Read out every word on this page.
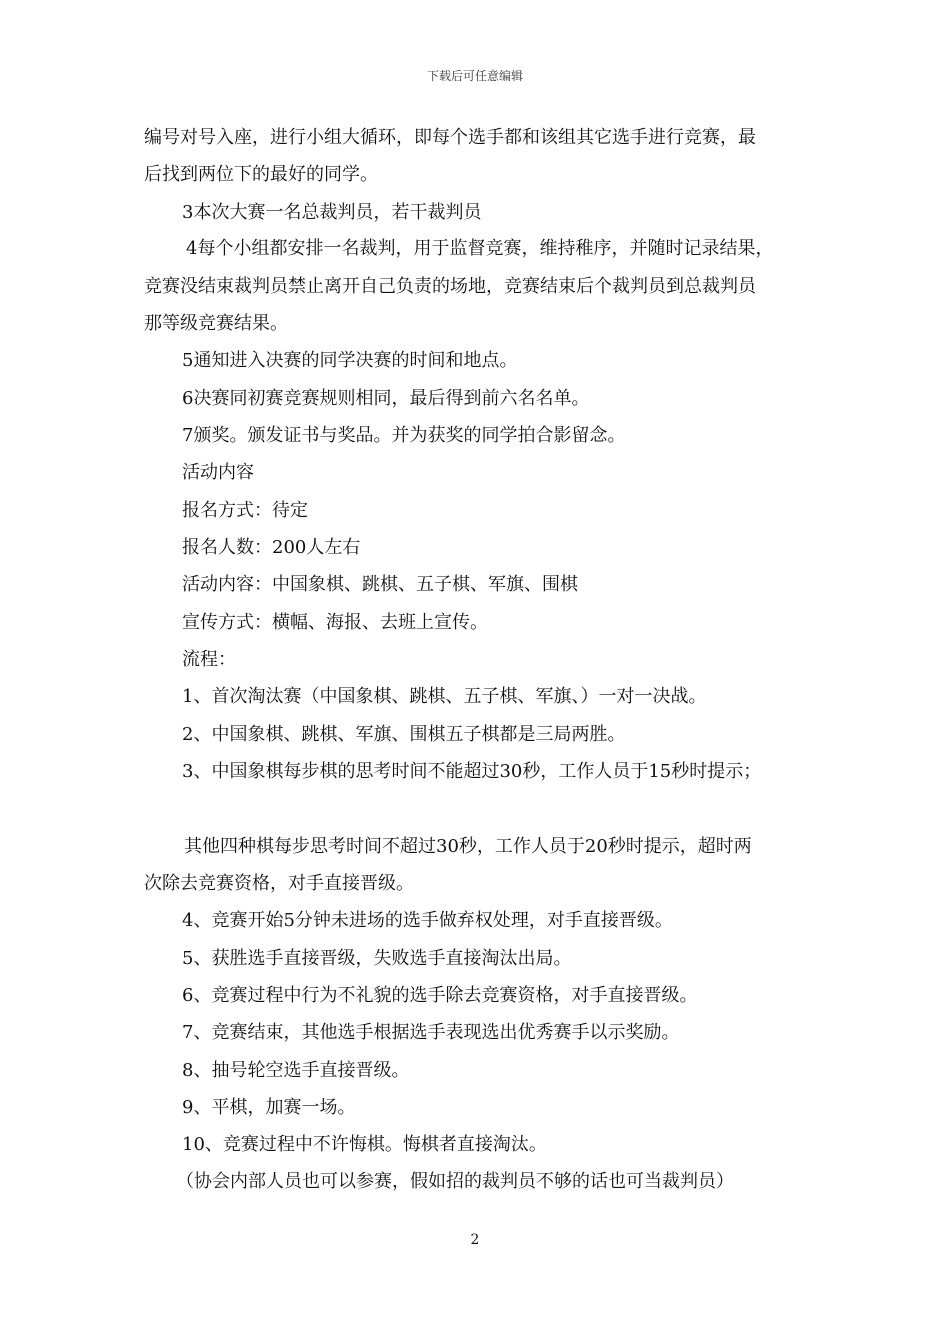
下载后可任意编辑
编号对号入座，进行小组大循环，即每个选手都和该组其它选手进行竞赛，最
后找到两位下的最好的同学。
3本次大赛一名总裁判员，若干裁判员
4每个小组都安排一名裁判，用于监督竞赛，维持稚序，并随时记录结果，
竞赛没结束裁判员禁止离开自己负责的场地，竞赛结束后个裁判员到总裁判员
那等级竞赛结果。
5通知进入决赛的同学决赛的时间和地点。
6决赛同初赛竞赛规则相同，最后得到前六名名单。
7颁奖。颁发证书与奖品。并为获奖的同学拍合影留念。
活动内容
报名方式：待定
报名人数：200人左右
活动内容：中国象棋、跳棋、五子棋、军旗、围棋
宣传方式：横幅、海报、去班上宣传。
流程：
1、首次淘汰赛（中国象棋、跳棋、五子棋、军旗、）一对一决战。
2、中国象棋、跳棋、军旗、围棋五子棋都是三局两胜。
3、中国象棋每步棋的思考时间不能超过30秒，工作人员于15秒时提示；
其他四种棋每步思考时间不超过30秒，工作人员于20秒时提示，超时两
次除去竞赛资格，对手直接晋级。
4、竞赛开始5分钟未进场的选手做弃权处理，对手直接晋级。
5、获胜选手直接晋级，失败选手直接淘汰出局。
6、竞赛过程中行为不礼貌的选手除去竞赛资格，对手直接晋级。
7、竞赛结束，其他选手根据选手表现选出优秀赛手以示奖励。
8、抽号轮空选手直接晋级。
9、平棋，加赛一场。
10、竞赛过程中不许悔棋。悔棋者直接淘汰。
（协会内部人员也可以参赛，假如招的裁判员不够的话也可当裁判员）
2
